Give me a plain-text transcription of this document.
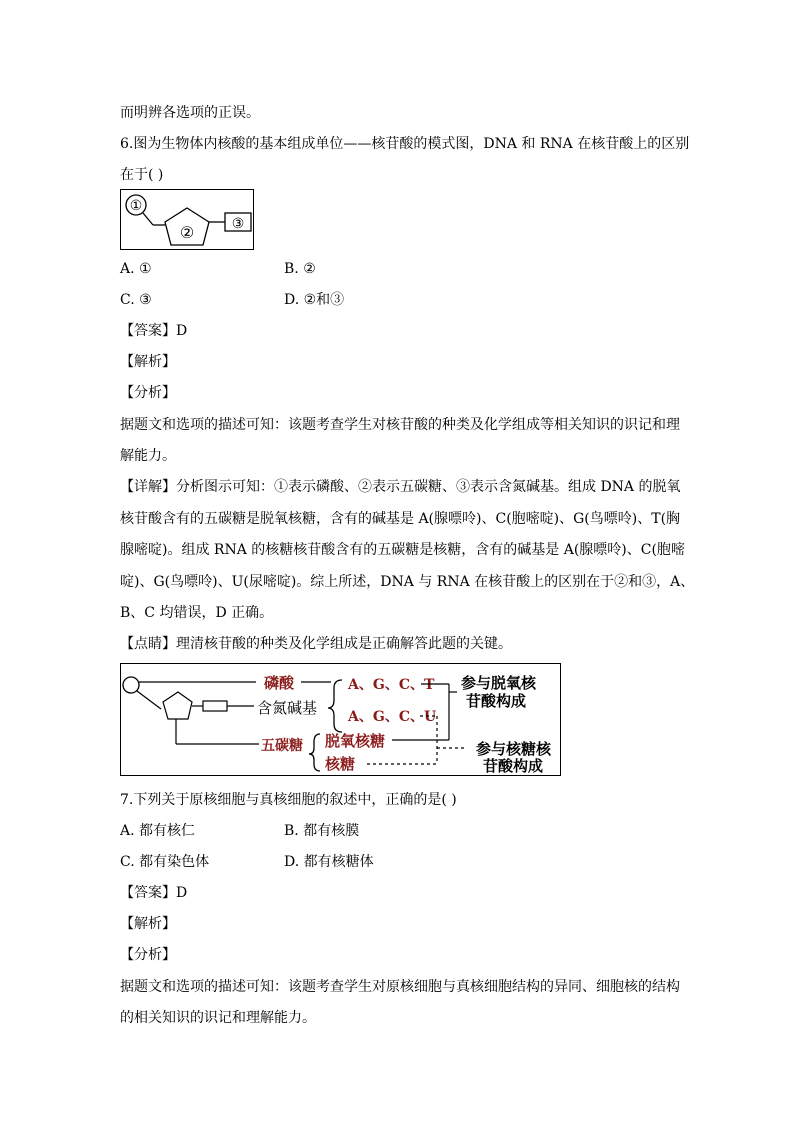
而明辨各选项的正误。
6.图为生物体内核酸的基本组成单位——核苷酸的模式图，DNA 和 RNA 在核苷酸上的区别
在于( )
①
②	③
A. ①	B. ②
C. ③	D. ②和③
【答案】D
【解析】
【分析】
据题文和选项的描述可知：该题考查学生对核苷酸的种类及化学组成等相关知识的识记和理
解能力。
【详解】分析图示可知：①表示磷酸、②表示五碳糖、③表示含氮碱基。组成 DNA 的脱氧
核苷酸含有的五碳糖是脱氧核糖，含有的碱基是 A(腺嘌呤)、C(胞嘧啶)、G(鸟嘌呤)、T(胸
腺嘧啶)。组成 RNA 的核糖核苷酸含有的五碳糖是核糖，含有的碱基是 A(腺嘌呤)、C(胞嘧
啶)、G(鸟嘌呤)、U(尿嘧啶)。综上所述，DNA 与 RNA 在核苷酸上的区别在于②和③，A、
B、C 均错误，D 正确。
【点睛】理清核苷酸的种类及化学组成是正确解答此题的关键。
磷酸
含氮碱基
五碳糖
A、G、C、T
A、G、C、U
脱氧核糖
核糖
参与脱氧核
苷酸构成
参与核糖核
苷酸构成
7.下列关于原核细胞与真核细胞的叙述中，正确的是( )
A. 都有核仁	B. 都有核膜
C. 都有染色体	D. 都有核糖体
【答案】D
【解析】
【分析】
据题文和选项的描述可知：该题考查学生对原核细胞与真核细胞结构的异同、细胞核的结构
的相关知识的识记和理解能力。
